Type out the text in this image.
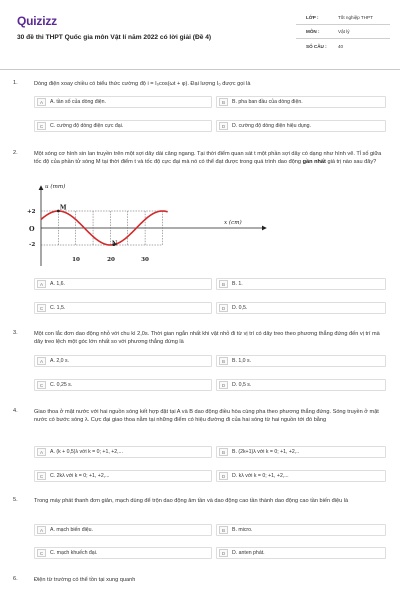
Quizizz
30 đề thi THPT Quốc gia môn Vật lí năm 2022 có lời giải (Đề 4)
LỚP :	Tốt nghiệp THPT
MÔN :	Vật lý
SỐ CÂU :	40
1.	Dòng điện xoay chiều có biểu thức cường độ i = I₀cos(ωt + φ). Đại lượng I₀ được gọi là
A	A. tần số của dòng điện.	B	B. pha ban đầu của dòng điện.
C	C. cường độ dòng điện cực đại.	D	D. cường độ dòng điện hiệu dụng.
2.	Một sóng cơ hình sin lan truyền trên một sợi dây dài căng ngang. Tại thời điểm quan sát t một phần sợi dây có dạng như hình vẽ. Tỉ số giữa tốc độ của phần tử sóng M tại thời điểm t và tốc độ cực đại mà nó có thể đạt được trong quá trình dao động gần nhất giá trị nào sau đây?
u (mm)
x (cm)
O
+2
-2
10	20	30
M
N
A	A. 1,6.	B	B. 1.
C	C. 1,5.	D	D. 0,5.
3.	Một con lắc đơn dao động nhỏ với chu kì 2,0s. Thời gian ngắn nhất khi vật nhỏ đi từ vị trí có dây treo theo phương thẳng đứng đến vị trí mà dây treo lệch một góc lớn nhất so với phương thẳng đứng là
A	A. 2,0 s.	B	B. 1,0 s.
C	C. 0,25 s.	D	D. 0,5 s.
4.	Giao thoa ở mặt nước với hai nguồn sóng kết hợp đặt tại A và B dao động điều hòa cùng pha theo phương thẳng đứng. Sóng truyền ở mặt nước có bước sóng λ. Cực đại giao thoa nằm tại những điểm có hiệu đường đi của hai sóng từ hai nguồn tới đó bằng
A	A. (k + 0,5)λ với k = 0; +1, +2,...	B	B. (2k+1)λ với k = 0; +1, +2,..
C	C. 2kλ với k = 0; +1, +2,...	D	D. kλ với k = 0; +1, +2,...
5.	Trong máy phát thanh đơn giản, mạch dùng để trộn dao động âm tần và dao động cao tần thành dao động cao tần biến điệu là
A	A. mạch biến điệu.	B	B. micro.
C	C. mạch khuếch đại.	D	D. anten phát.
6.	Điện từ trường có thể tồn tại xung quanh
